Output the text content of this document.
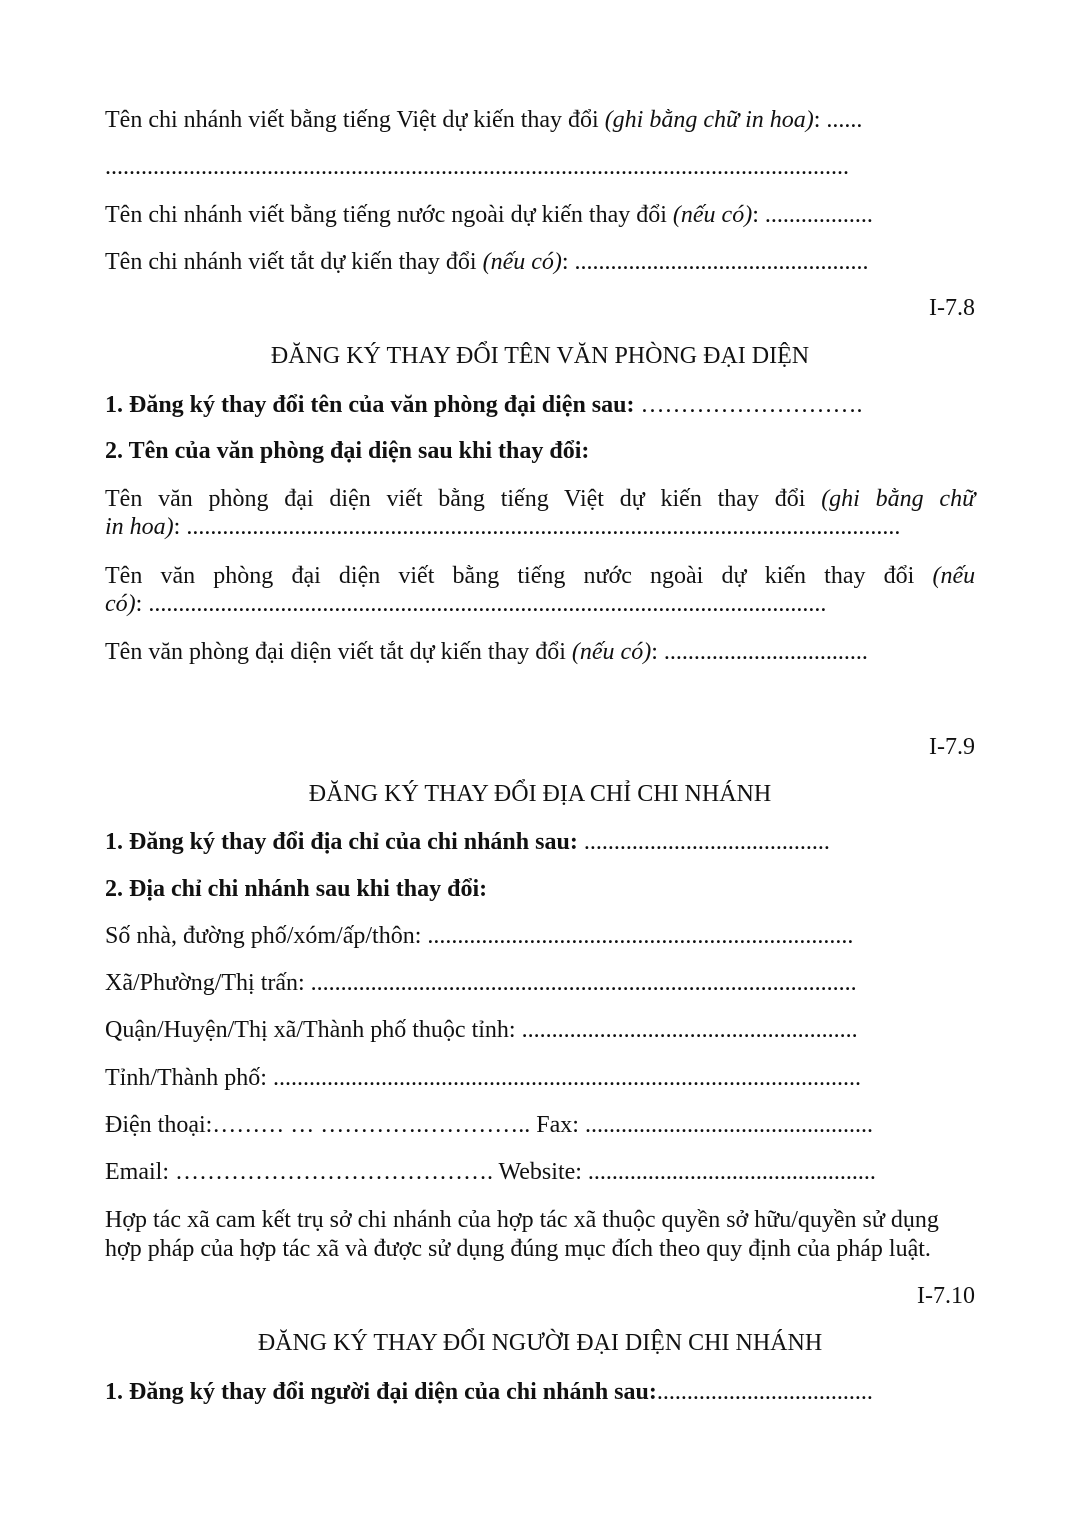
Tên chi nhánh viết bằng tiếng Việt dự kiến thay đổi (ghi bằng chữ in hoa): ......
............................................................................................................................
Tên chi nhánh viết bằng tiếng nước ngoài dự kiến thay đổi (nếu có): ..................
Tên chi nhánh viết tắt dự kiến thay đổi (nếu có): .................................................
I-7.8
ĐĂNG KÝ THAY ĐỔI TÊN VĂN PHÒNG ĐẠI DIỆN
1. Đăng ký thay đổi tên của văn phòng đại diện sau: ……………………….
2. Tên của văn phòng đại diện sau khi thay đổi:
Tên văn phòng đại diện viết bằng tiếng Việt dự kiến thay đổi (ghi bằng chữ
in hoa): .......................................................................................................................
Tên văn phòng đại diện viết bằng tiếng nước ngoài dự kiến thay đổi (nếu
có): .................................................................................................................
Tên văn phòng đại diện viết tắt dự kiến thay đổi (nếu có): ..................................
I-7.9
ĐĂNG KÝ THAY ĐỔI ĐỊA CHỈ CHI NHÁNH
1. Đăng ký thay đổi địa chỉ của chi nhánh sau: .........................................
2. Địa chỉ chi nhánh sau khi thay đổi:
Số nhà, đường phố/xóm/ấp/thôn: .......................................................................
Xã/Phường/Thị trấn: ...........................................................................................
Quận/Huyện/Thị xã/Thành phố thuộc tỉnh: ........................................................
Tỉnh/Thành phố: ..................................................................................................
Điện thoại:……… … ………….………….. Fax: ................................................
Email: …………………………………. Website: ................................................
Hợp tác xã cam kết trụ sở chi nhánh của hợp tác xã thuộc quyền sở hữu/quyền sử dụng
hợp pháp của hợp tác xã và được sử dụng đúng mục đích theo quy định của pháp luật.
I-7.10
ĐĂNG KÝ THAY ĐỔI NGƯỜI ĐẠI DIỆN CHI NHÁNH
1. Đăng ký thay đổi người đại diện của chi nhánh sau:....................................
